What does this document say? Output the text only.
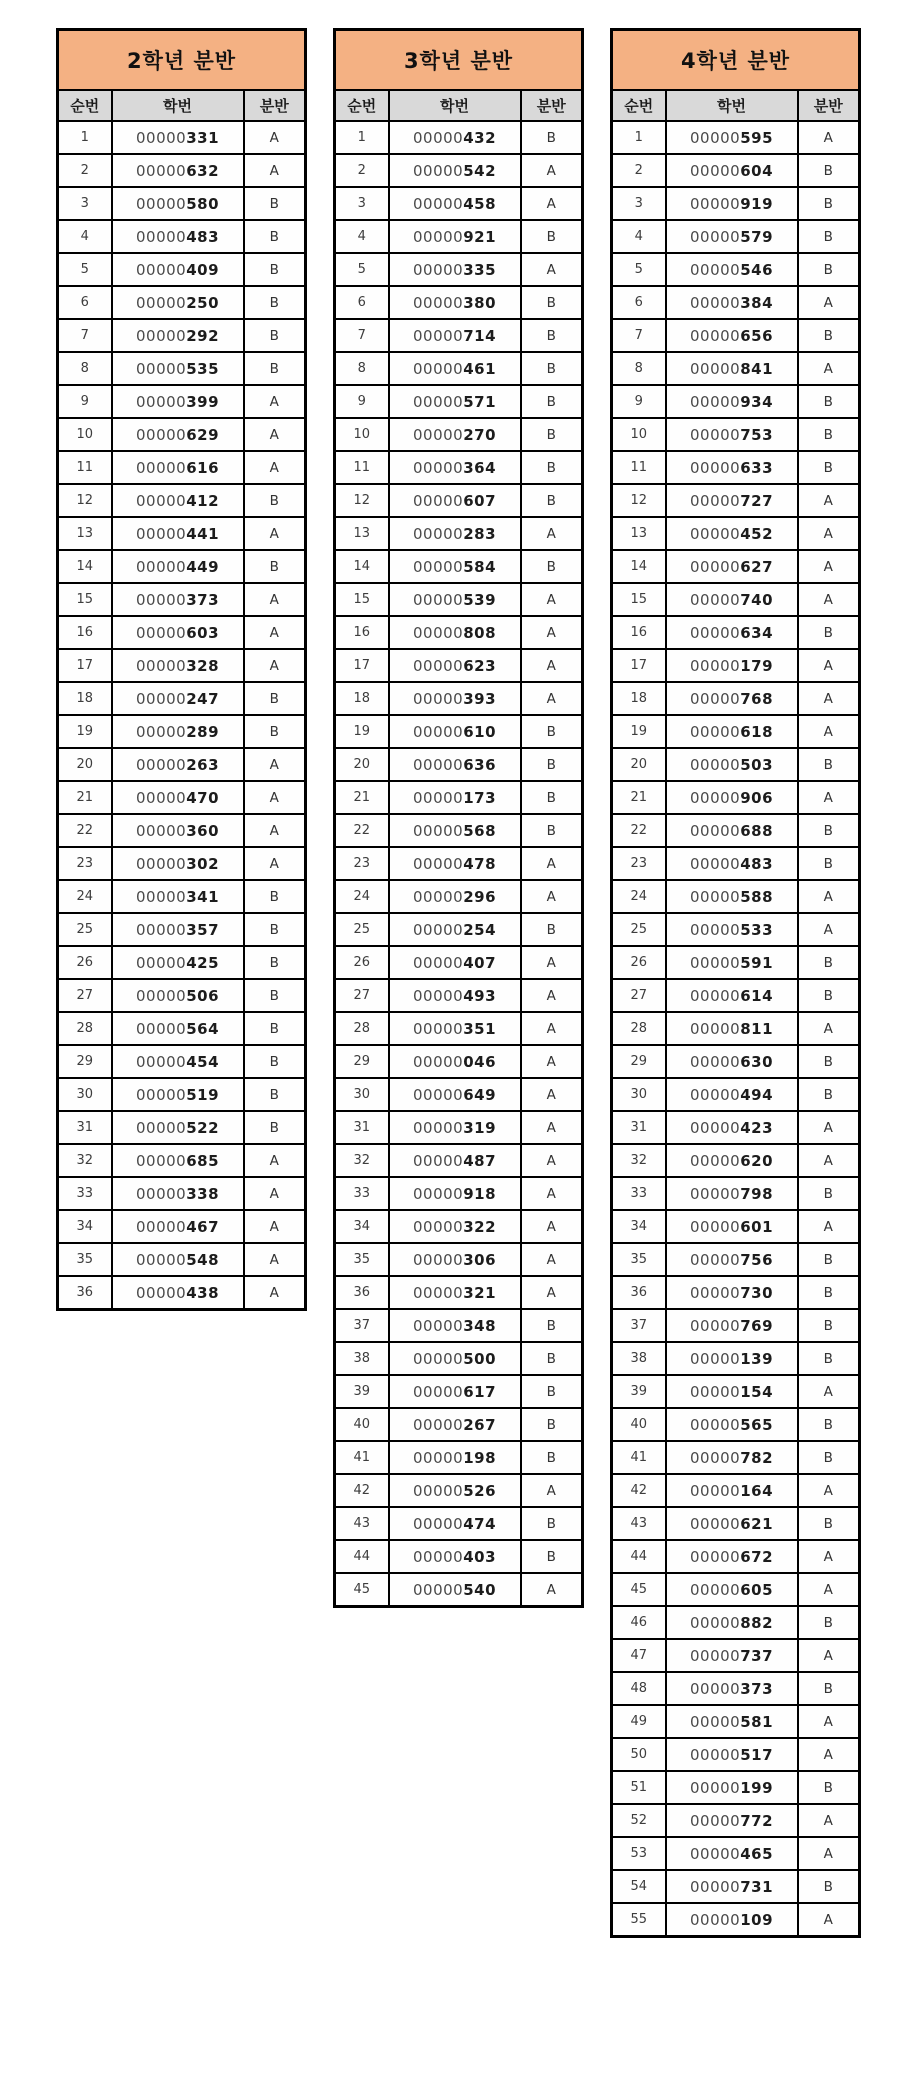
2학년 분반		
순번	학번	분반
1	00000331	A
2	00000632	A
3	00000580	B
4	00000483	B
5	00000409	B
6	00000250	B
7	00000292	B
8	00000535	B
9	00000399	A
10	00000629	A
11	00000616	A
12	00000412	B
13	00000441	A
14	00000449	B
15	00000373	A
16	00000603	A
17	00000328	A
18	00000247	B
19	00000289	B
20	00000263	A
21	00000470	A
22	00000360	A
23	00000302	A
24	00000341	B
25	00000357	B
26	00000425	B
27	00000506	B
28	00000564	B
29	00000454	B
30	00000519	B
31	00000522	B
32	00000685	A
33	00000338	A
34	00000467	A
35	00000548	A
36	00000438	A
3학년 분반		
순번	학번	분반
1	00000432	B
2	00000542	A
3	00000458	A
4	00000921	B
5	00000335	A
6	00000380	B
7	00000714	B
8	00000461	B
9	00000571	B
10	00000270	B
11	00000364	B
12	00000607	B
13	00000283	A
14	00000584	B
15	00000539	A
16	00000808	A
17	00000623	A
18	00000393	A
19	00000610	B
20	00000636	B
21	00000173	B
22	00000568	B
23	00000478	A
24	00000296	A
25	00000254	B
26	00000407	A
27	00000493	A
28	00000351	A
29	00000046	A
30	00000649	A
31	00000319	A
32	00000487	A
33	00000918	A
34	00000322	A
35	00000306	A
36	00000321	A
37	00000348	B
38	00000500	B
39	00000617	B
40	00000267	B
41	00000198	B
42	00000526	A
43	00000474	B
44	00000403	B
45	00000540	A
4학년 분반		
순번	학번	분반
1	00000595	A
2	00000604	B
3	00000919	B
4	00000579	B
5	00000546	B
6	00000384	A
7	00000656	B
8	00000841	A
9	00000934	B
10	00000753	B
11	00000633	B
12	00000727	A
13	00000452	A
14	00000627	A
15	00000740	A
16	00000634	B
17	00000179	A
18	00000768	A
19	00000618	A
20	00000503	B
21	00000906	A
22	00000688	B
23	00000483	B
24	00000588	A
25	00000533	A
26	00000591	B
27	00000614	B
28	00000811	A
29	00000630	B
30	00000494	B
31	00000423	A
32	00000620	A
33	00000798	B
34	00000601	A
35	00000756	B
36	00000730	B
37	00000769	B
38	00000139	B
39	00000154	A
40	00000565	B
41	00000782	B
42	00000164	A
43	00000621	B
44	00000672	A
45	00000605	A
46	00000882	B
47	00000737	A
48	00000373	B
49	00000581	A
50	00000517	A
51	00000199	B
52	00000772	A
53	00000465	A
54	00000731	B
55	00000109	A
